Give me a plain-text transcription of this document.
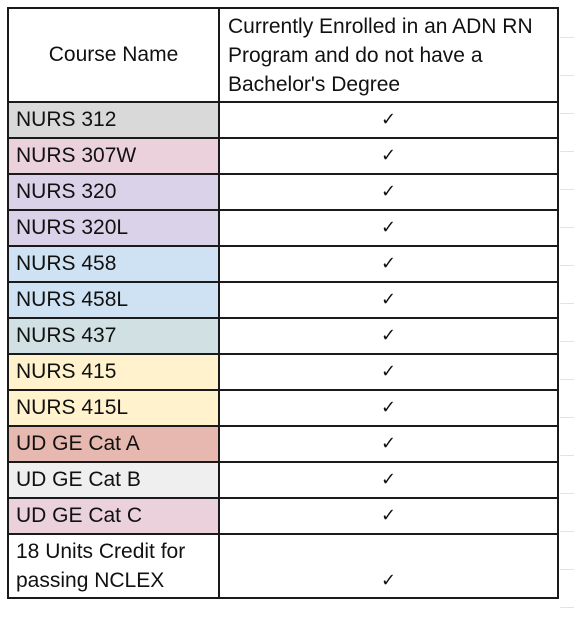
Course Name	Currently Enrolled in an ADN RN Program and do not have a Bachelor's Degree
NURS 312	✓
NURS 307W	✓
NURS 320	✓
NURS 320L	✓
NURS 458	✓
NURS 458L	✓
NURS 437	✓
NURS 415	✓
NURS 415L	✓
UD GE Cat A	✓
UD GE Cat B	✓
UD GE Cat C	✓
18 Units Credit for passing NCLEX	✓
